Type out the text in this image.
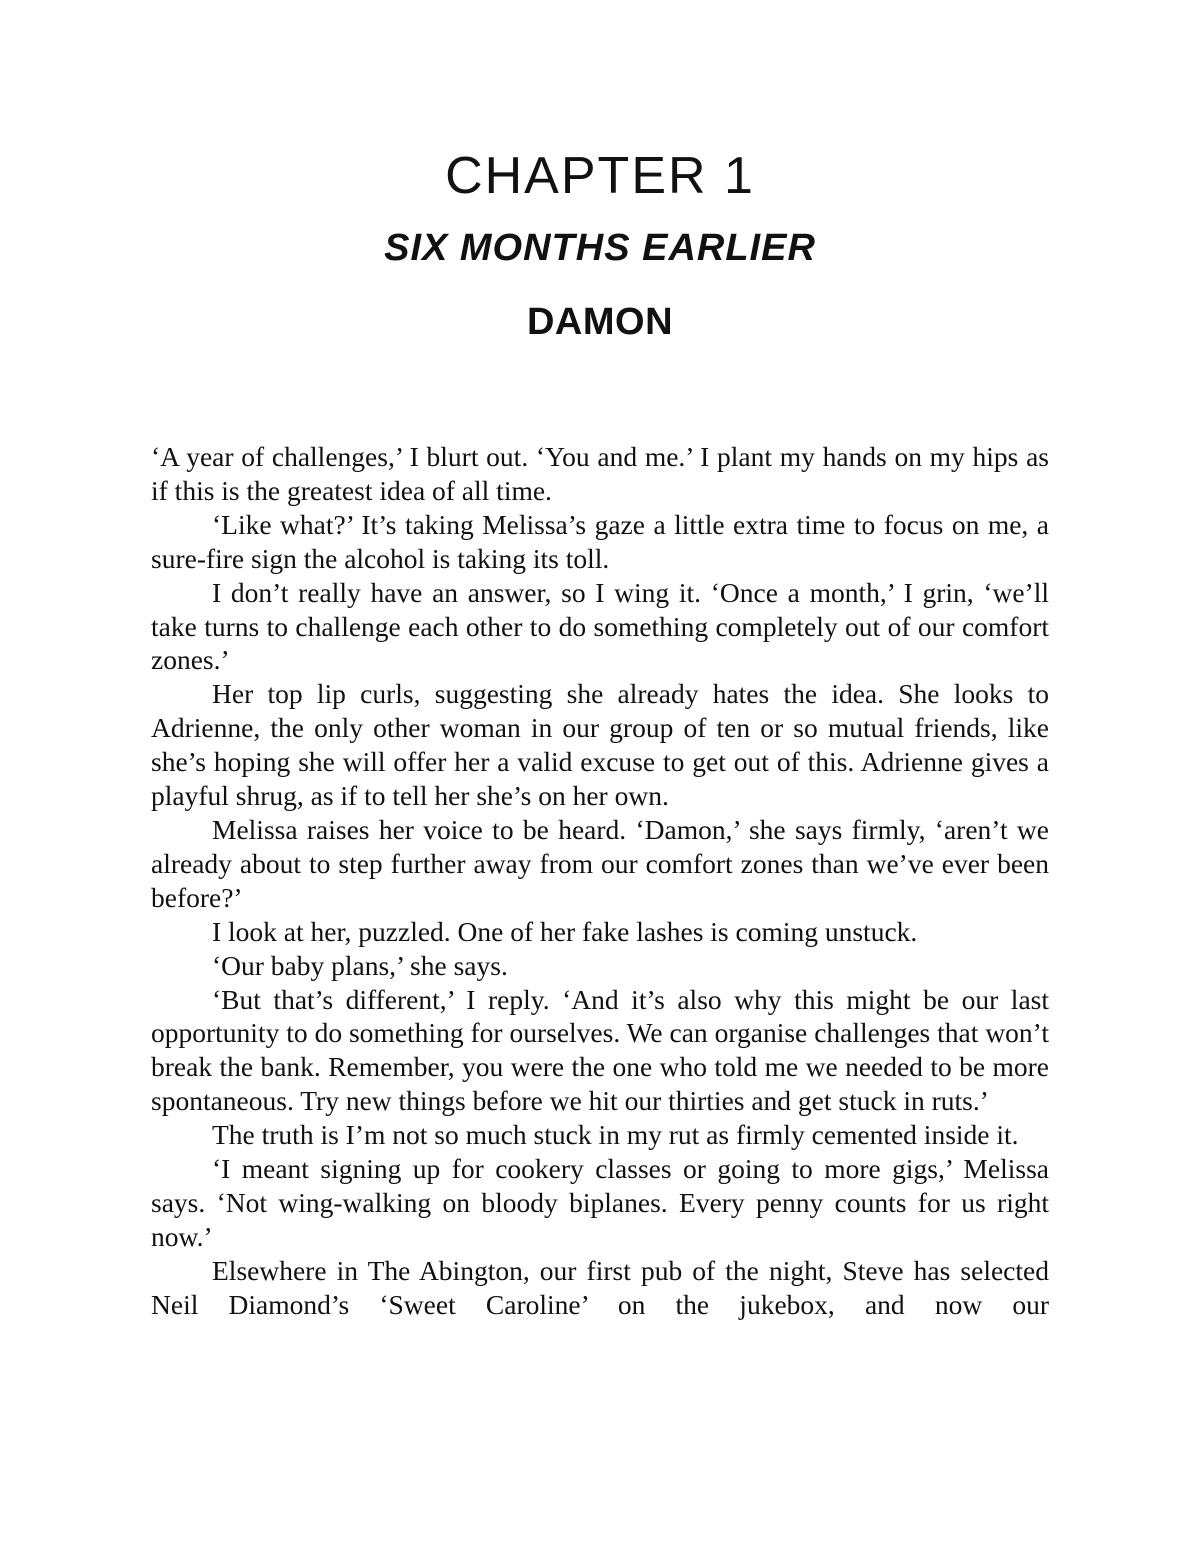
CHAPTER 1
SIX MONTHS EARLIER
DAMON

‘A year of challenges,’ I blurt out. ‘You and me.’ I plant my hands on my hips as if this is the greatest idea of all time.

‘Like what?’ It’s taking Melissa’s gaze a little extra time to focus on me, a sure-fire sign the alcohol is taking its toll.

I don’t really have an answer, so I wing it. ‘Once a month,’ I grin, ‘we’ll take turns to challenge each other to do something completely out of our comfort zones.’

Her top lip curls, suggesting she already hates the idea. She looks to Adrienne, the only other woman in our group of ten or so mutual friends, like she’s hoping she will offer her a valid excuse to get out of this. Adrienne gives a playful shrug, as if to tell her she’s on her own.

Melissa raises her voice to be heard. ‘Damon,’ she says firmly, ‘aren’t we already about to step further away from our comfort zones than we’ve ever been before?’

I look at her, puzzled. One of her fake lashes is coming unstuck.

‘Our baby plans,’ she says.

‘But that’s different,’ I reply. ‘And it’s also why this might be our last opportunity to do something for ourselves. We can organise challenges that won’t break the bank. Remember, you were the one who told me we needed to be more spontaneous. Try new things before we hit our thirties and get stuck in ruts.’

The truth is I’m not so much stuck in my rut as firmly cemented inside it.

‘I meant signing up for cookery classes or going to more gigs,’ Melissa says. ‘Not wing-walking on bloody biplanes. Every penny counts for us right now.’

Elsewhere in The Abington, our first pub of the night, Steve has selected Neil Diamond’s ‘Sweet Caroline’ on the jukebox, and now our
